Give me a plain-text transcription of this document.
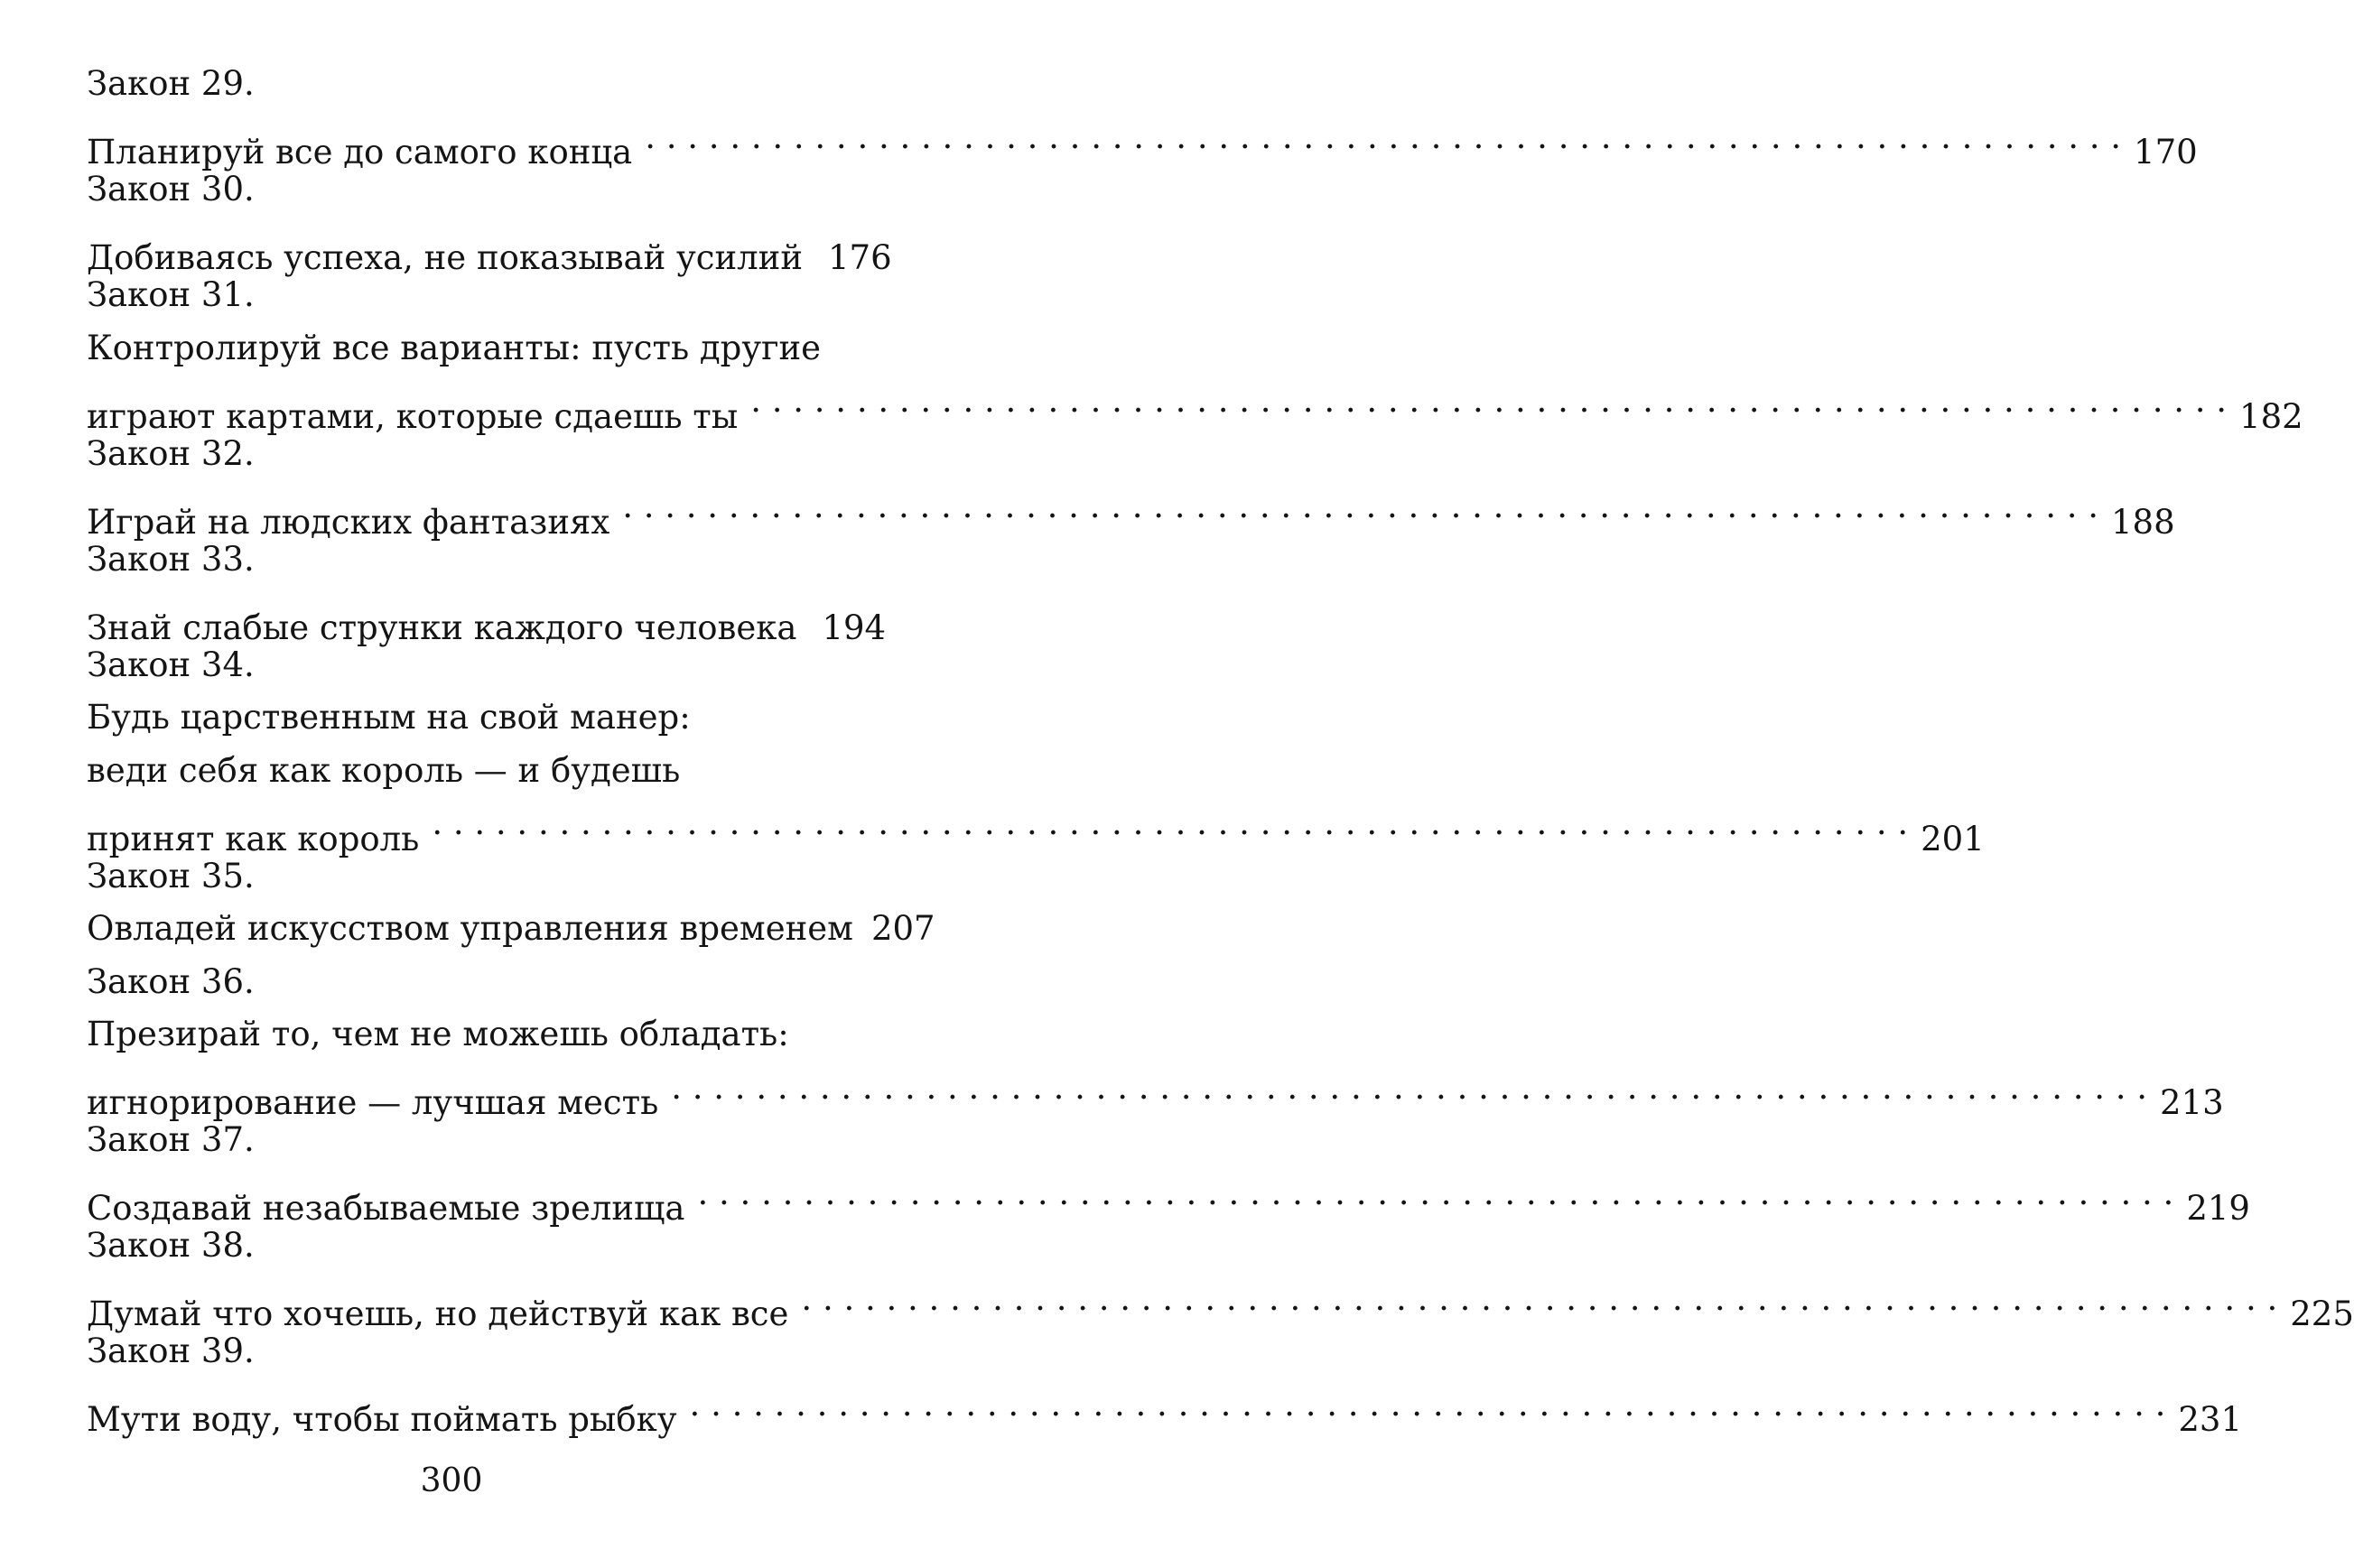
Закон 29.
Планируй все до самого конца . . .	170
Закон 30.
Добиваясь успеха, не показывай усилий 176
Закон 31.
Контролируй все варианты: пусть другие
играют картами, которые сдаешь ты . . .	182
Закон 32.
Играй на людских фантазиях . . .	188
Закон 33.
Знай слабые струнки каждого человека 194
Закон 34.
Будь царственным на свой манер:
веди себя как король — и будешь
принят как король . . .	201
Закон 35.
Овладей искусством управления временем 207
Закон 36.
Презирай то, чем не можешь обладать:
игнорирование — лучшая месть . . .	213
Закон 37.
Создавай незабываемые зрелища . . .	219
Закон 38.
Думай что хочешь, но действуй как все . . .	225
Закон 39.
Мути воду, чтобы поймать рыбку . . .	231
300
